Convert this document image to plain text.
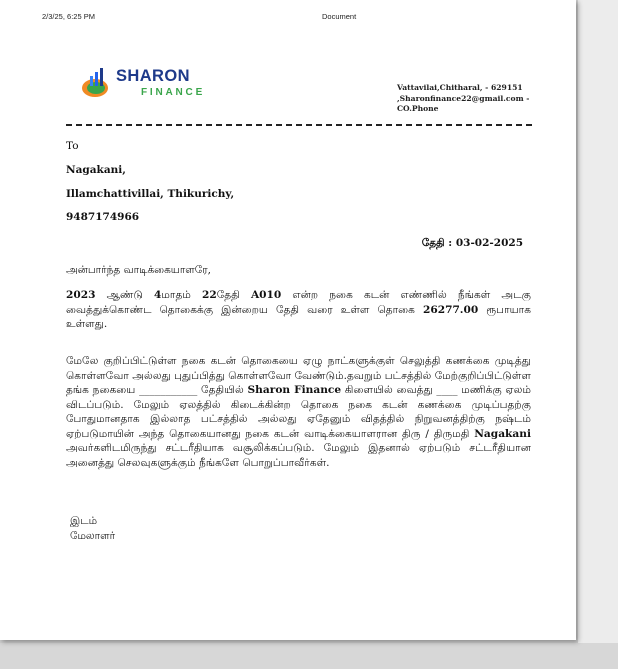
2/3/25, 6:25 PM	Document
SHARON
FINANCE	Vattavilai,Chitharal, - 629151
,Sharonfinance22@gmail.com -
CO.Phone
To
Nagakani,
Illamchattivillai, Thikurichy,
9487174966
தேதி : 03-02-2025
அன்பார்ந்த வாடிக்கையாளரே,
2023 ஆண்டு 4மாதம் 22தேதி A010 என்ற நகை கடன் எண்ணில் நீங்கள் அடகு வைத்துக்கொண்ட தொகைக்கு இன்றைய தேதி வரை உள்ள தொகை 26277.00 ரூபாயாக உள்ளது.
மேலே குறிப்பிட்டுள்ள நகை கடன் தொகையை ஏழு நாட்களுக்குள் செலுத்தி கணக்கை முடித்து கொள்ளவோ அல்லது புதுப்பித்து கொள்ளவோ வேண்டும்.தவறும் பட்சத்தில் மேற்குறிப்பிட்டுள்ள தங்க நகையை ___________ தேதியில் Sharon Finance கிளையில் வைத்து ____ மணிக்கு ஏலம் விடப்படும். மேலும் ஏலத்தில் கிடைக்கின்ற தொகை நகை கடன் கணக்கை முடிப்பதற்கு போதுமானதாக இல்லாத பட்சத்தில் அல்லது ஏதேனும் விதத்தில் நிறுவனத்திற்கு நஷ்டம் ஏற்படுமாயின் அந்த தொகையானது நகை கடன் வாடிக்கையாளரான திரு / திருமதி Nagakani அவர்களிடமிருந்து சட்டரீதியாக வசூலிக்கப்படும். மேலும் இதனால் ஏற்படும் சட்டரீதியான அனைத்து செலவுகளுக்கும் நீங்களே பொறுப்பாவீர்கள்.
இடம்
மேலாளர்
